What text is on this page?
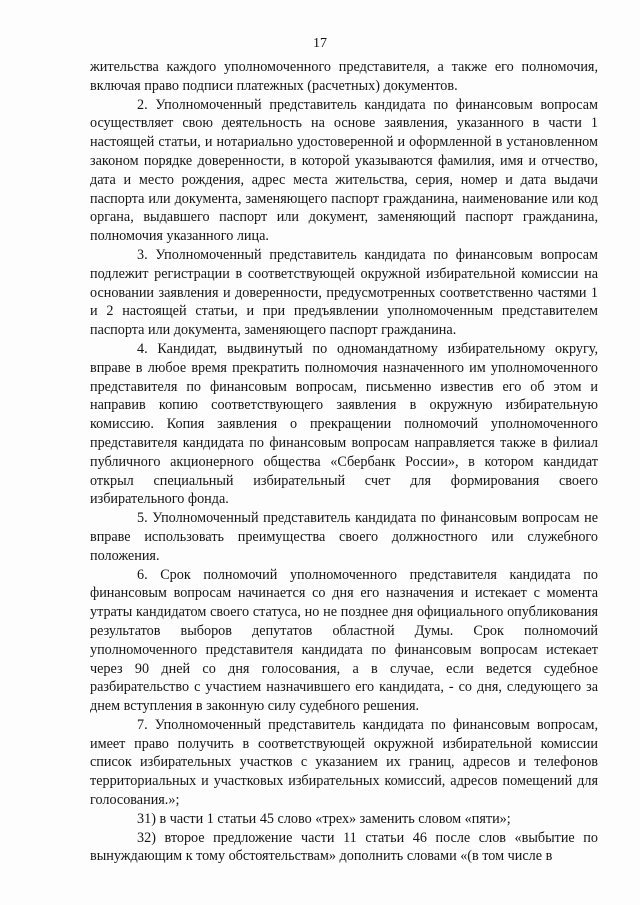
17

жительства каждого уполномоченного представителя, а также его полномочия, включая право подписи платежных (расчетных) документов.

2. Уполномоченный представитель кандидата по финансовым вопросам осуществляет свою деятельность на основе заявления, указанного в части 1 настоящей статьи, и нотариально удостоверенной и оформленной в установленном законом порядке доверенности, в которой указываются фамилия, имя и отчество, дата и место рождения, адрес места жительства, серия, номер и дата выдачи паспорта или документа, заменяющего паспорт гражданина, наименование или код органа, выдавшего паспорт или документ, заменяющий паспорт гражданина, полномочия указанного лица.

3. Уполномоченный представитель кандидата по финансовым вопросам подлежит регистрации в соответствующей окружной избирательной комиссии на основании заявления и доверенности, предусмотренных соответственно частями 1 и 2 настоящей статьи, и при предъявлении уполномоченным представителем паспорта или документа, заменяющего паспорт гражданина.

4. Кандидат, выдвинутый по одномандатному избирательному округу, вправе в любое время прекратить полномочия назначенного им уполномоченного представителя по финансовым вопросам, письменно известив его об этом и направив копию соответствующего заявления в окружную избирательную комиссию. Копия заявления о прекращении полномочий уполномоченного представителя кандидата по финансовым вопросам направляется также в филиал публичного акционерного общества «Сбербанк России», в котором кандидат открыл специальный избирательный счет для формирования своего избирательного фонда.

5. Уполномоченный представитель кандидата по финансовым вопросам не вправе использовать преимущества своего должностного или служебного положения.

6. Срок полномочий уполномоченного представителя кандидата по финансовым вопросам начинается со дня его назначения и истекает с момента утраты кандидатом своего статуса, но не позднее дня официального опубликования результатов выборов депутатов областной Думы. Срок полномочий уполномоченного представителя кандидата по финансовым вопросам истекает через 90 дней со дня голосования, а в случае, если ведется судебное разбирательство с участием назначившего его кандидата, - со дня, следующего за днем вступления в законную силу судебного решения.

7. Уполномоченный представитель кандидата по финансовым вопросам, имеет право получить в соответствующей окружной избирательной комиссии список избирательных участков с указанием их границ, адресов и телефонов территориальных и участковых избирательных комиссий, адресов помещений для голосования.»;

31) в части 1 статьи 45 слово «трех» заменить словом «пяти»;

32) второе предложение части 11 статьи 46 после слов «выбытие по вынуждающим к тому обстоятельствам» дополнить словами «(в том числе в
